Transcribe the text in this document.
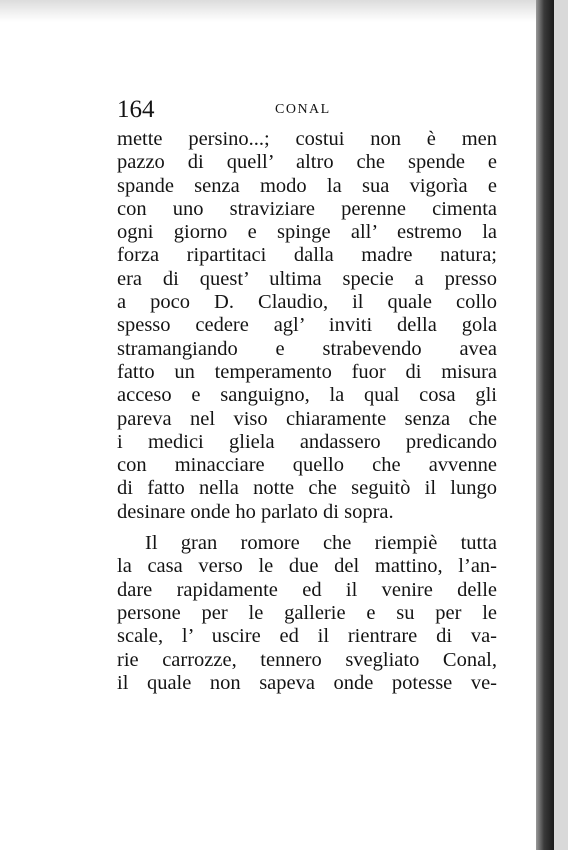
164	CONAL
mette persino...; costui non è men
pazzo di quell’ altro che spende e
spande senza modo la sua vigorìa e
con uno straviziare perenne cimenta
ogni giorno e spinge all’ estremo la
forza ripartitaci dalla madre natura;
era di quest’ ultima specie a presso
a poco D. Claudio, il quale collo
spesso cedere agl’ inviti della gola
stramangiando e strabevendo avea
fatto un temperamento fuor di misura
acceso e sanguigno, la qual cosa gli
pareva nel viso chiaramente senza che
i medici gliela andassero predicando
con minacciare quello che avvenne
di fatto nella notte che seguitò il lungo
desinare onde ho parlato di sopra.
Il gran romore che riempiè tutta
la casa verso le due del mattino, l’an-
dare rapidamente ed il venire delle
persone per le gallerie e su per le
scale, l’ uscire ed il rientrare di va-
rie carrozze, tennero svegliato Conal,
il quale non sapeva onde potesse ve-
